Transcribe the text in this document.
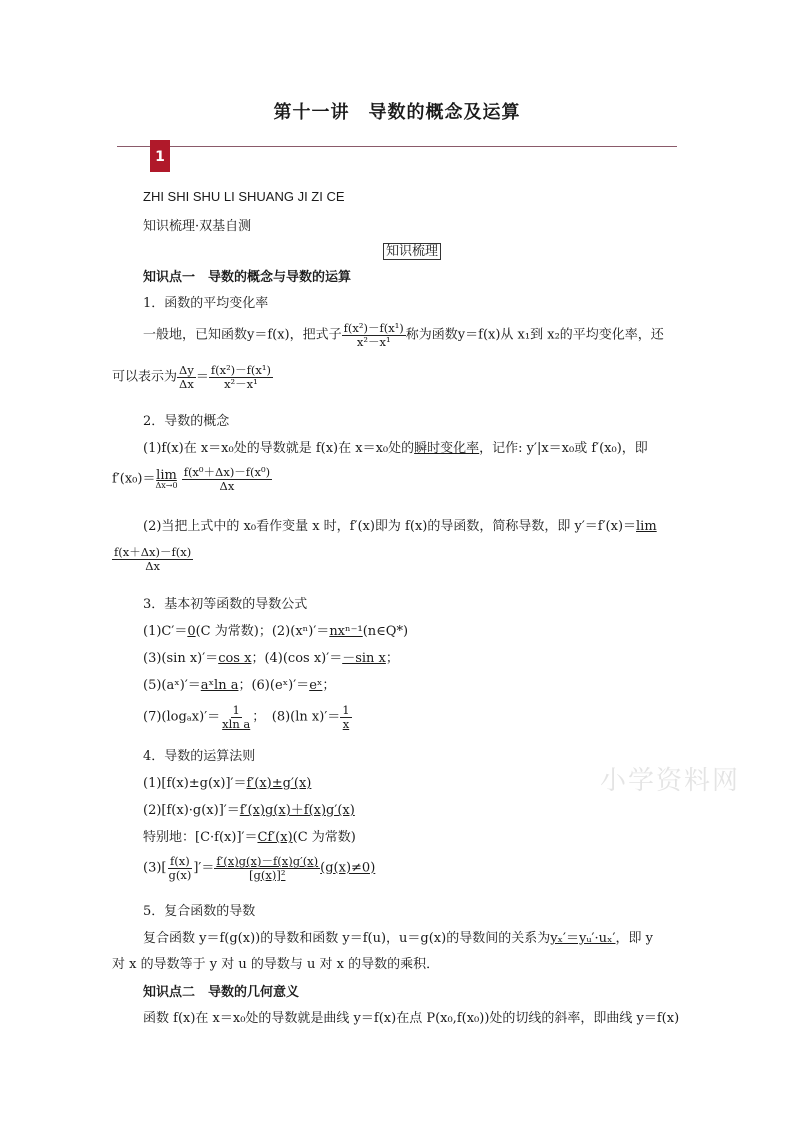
第十一讲　导数的概念及运算
1
ZHI SHI SHU LI SHUANG JI ZI CE
知识梳理·双基自测
知识梳理
知识点一　导数的概念与导数的运算
1．函数的平均变化率
一般地，已知函数y＝f(x)，把式子 $\frac{\text{f(x²)－f(x¹)}}{\text{x²－x¹}}$ 称为函数y＝f(x)从 x₁到 x₂的平均变化率，还
可以表示为 $\frac{\Delta y}{\Delta x} = \frac{\text{f(x²)－f(x¹)}}{\text{x²－x¹}}$
2．导数的概念
(1)f(x)在 x＝x₀处的导数就是 f(x)在 x＝x₀处的瞬时变化率，记作: y′|x＝x₀或 f′(x₀)，即
f′(x₀)＝ lim
Δx→0
$\frac{\text{f(x⁰＋Δx)－f(x⁰)}}{\Delta x}$
(2)当把上式中的 x₀看作变量 x 时，f′(x)即为 f(x)的导函数，简称导数，即 y′＝f′(x)＝lim
$\frac{f(x+\Delta x)-f(x)}{\Delta x}$
3．基本初等函数的导数公式
(1)C′＝0(C 为常数)；(2)(xⁿ)′＝nxⁿ⁻¹(n∈Q*)
(3)(sin x)′＝cos x；(4)(cos x)′＝－sin x；
(5)(aˣ)′＝aˣln a；(6)(eˣ)′＝eˣ；
$(7)(\log_ax)'= \frac{1}{\text{xln a}}$ ；　(8)(ln $x)'= \frac{1}{x}$
4．导数的运算法则
(1)[f(x)±g(x)]′＝f′(x)±g′(x)
(2)[f(x)·g(x)]′＝f′(x)g(x)＋f(x)g′(x)
特别地：[C·f(x)]′＝Cf′(x)(C 为常数)
$(3)[ \frac{f(x)}{g(x)}$ ]′＝ $\frac{f'(x)g(x)-f(x)g'(x)}{\text{[g(x)]²}} (g(x)\ne 0)$
5．复合函数的导数
复合函数 y＝f(g(x))的导数和函数 y＝f(u)，u＝g(x)的导数间的关系为yₓ′＝yᵤ′·uₓ′，即 y
对 x 的导数等于 y 对 u 的导数与 u 对 x 的导数的乘积．
知识点二　导数的几何意义
函数 f(x)在 x＝x₀处的导数就是曲线 y＝f(x)在点 P(x₀,f(x₀))处的切线的斜率，即曲线 y＝f(x)
小学资料网
